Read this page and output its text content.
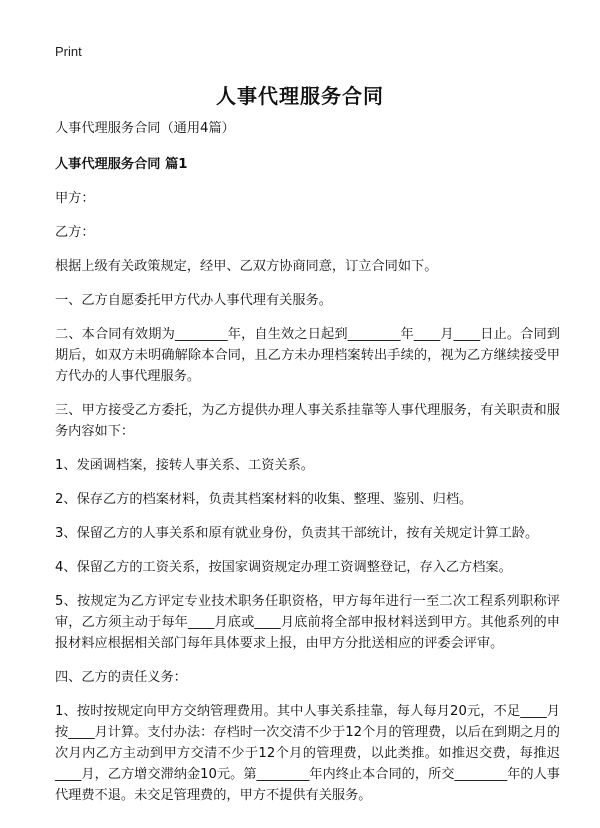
Print
人事代理服务合同

人事代理服务合同（通用4篇）

人事代理服务合同 篇1

甲方：

乙方：

根据上级有关政策规定，经甲、乙双方协商同意，订立合同如下。

一、乙方自愿委托甲方代办人事代理有关服务。

二、本合同有效期为________年，自生效之日起到________年____月____日止。合同到期后，如双方未明确解除本合同，且乙方未办理档案转出手续的，视为乙方继续接受甲方代办的人事代理服务。

三、甲方接受乙方委托，为乙方提供办理人事关系挂靠等人事代理服务，有关职责和服务内容如下：

1、发函调档案，接转人事关系、工资关系。

2、保存乙方的档案材料，负责其档案材料的收集、整理、鉴别、归档。

3、保留乙方的人事关系和原有就业身份，负责其干部统计，按有关规定计算工龄。

4、保留乙方的工资关系，按国家调资规定办理工资调整登记，存入乙方档案。

5、按规定为乙方评定专业技术职务任职资格，甲方每年进行一至二次工程系列职称评审，乙方须主动于每年____月底或____月底前将全部申报材料送到甲方。其他系列的申报材料应根据相关部门每年具体要求上报，由甲方分批送相应的评委会评审。

四、乙方的责任义务：

1、按时按规定向甲方交纳管理费用。其中人事关系挂靠，每人每月20元，不足____月按____月计算。支付办法：存档时一次交清不少于12个月的管理费，以后在到期之月的次月内乙方主动到甲方交清不少于12个月的管理费，以此类推。如推迟交费，每推迟____月，乙方增交滞纳金10元。第________年内终止本合同的，所交________年的人事代理费不退。未交足管理费的，甲方不提供有关服务。
